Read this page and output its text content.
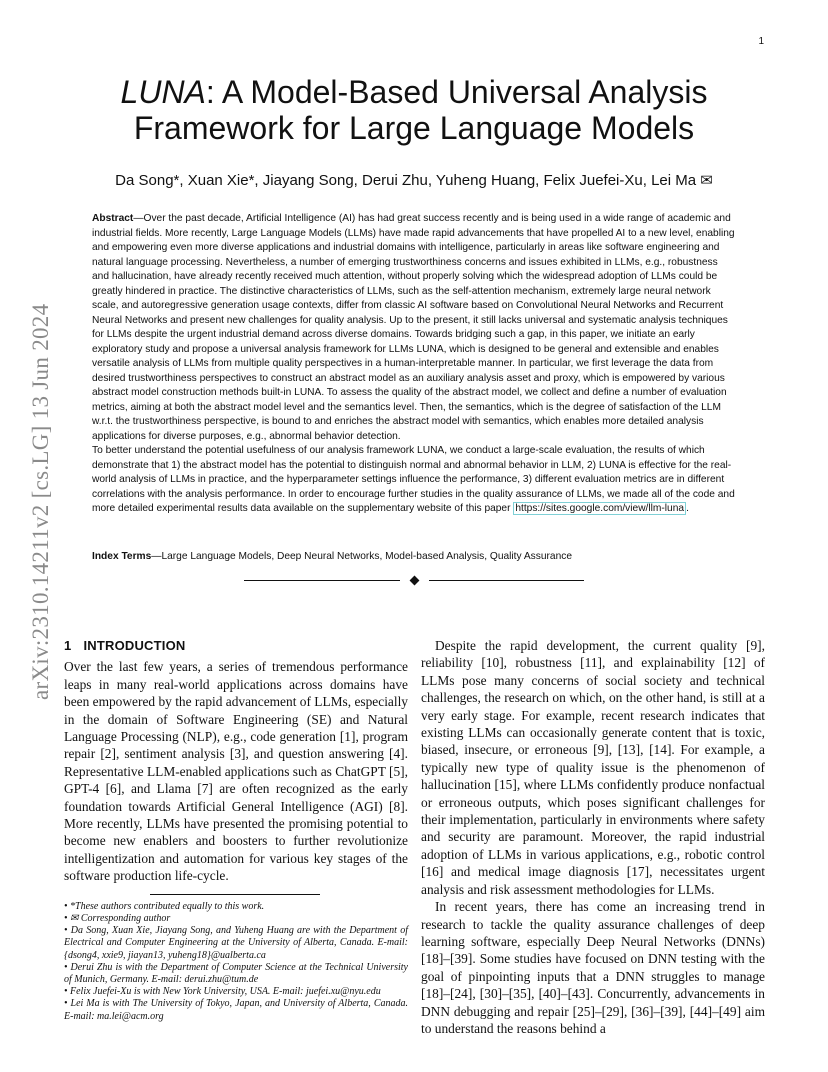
1
arXiv:2310.14211v2 [cs.LG] 13 Jun 2024
LUNA: A Model-Based Universal Analysis
Framework for Large Language Models
Da Song*, Xuan Xie*, Jiayang Song, Derui Zhu, Yuheng Huang, Felix Juefei-Xu, Lei Ma ✉

Abstract—Over the past decade, Artificial Intelligence (AI) has had great success recently and is being used in a wide range of academic and industrial fields. More recently, Large Language Models (LLMs) have made rapid advancements that have propelled AI to a new level, enabling and empowering even more diverse applications and industrial domains with intelligence, particularly in areas like software engineering and natural language processing. Nevertheless, a number of emerging trustworthiness concerns and issues exhibited in LLMs, e.g., robustness and hallucination, have already recently received much attention, without properly solving which the widespread adoption of LLMs could be greatly hindered in practice. The distinctive characteristics of LLMs, such as the self-attention mechanism, extremely large neural network scale, and autoregressive generation usage contexts, differ from classic AI software based on Convolutional Neural Networks and Recurrent Neural Networks and present new challenges for quality analysis. Up to the present, it still lacks universal and systematic analysis techniques for LLMs despite the urgent industrial demand across diverse domains. Towards bridging such a gap, in this paper, we initiate an early exploratory study and propose a universal analysis framework for LLMs LUNA, which is designed to be general and extensible and enables versatile analysis of LLMs from multiple quality perspectives in a human-interpretable manner. In particular, we first leverage the data from desired trustworthiness perspectives to construct an abstract model as an auxiliary analysis asset and proxy, which is empowered by various abstract model construction methods built-in LUNA. To assess the quality of the abstract model, we collect and define a number of evaluation metrics, aiming at both the abstract model level and the semantics level. Then, the semantics, which is the degree of satisfaction of the LLM w.r.t. the trustworthiness perspective, is bound to and enriches the abstract model with semantics, which enables more detailed analysis applications for diverse purposes, e.g., abnormal behavior detection.

To better understand the potential usefulness of our analysis framework LUNA, we conduct a large-scale evaluation, the results of which demonstrate that 1) the abstract model has the potential to distinguish normal and abnormal behavior in LLM, 2) LUNA is effective for the real-world analysis of LLMs in practice, and the hyperparameter settings influence the performance, 3) different evaluation metrics are in different correlations with the analysis performance. In order to encourage further studies in the quality assurance of LLMs, we made all of the code and more detailed experimental results data available on the supplementary website of this paper https://sites.google.com/view/llm-luna .

Index Terms—Large Language Models, Deep Neural Networks, Model-based Analysis, Quality Assurance
1 INTRODUCTION

Over the last few years, a series of tremendous performance leaps in many real-world applications across domains have been empowered by the rapid advancement of LLMs, especially in the domain of Software Engineering (SE) and Natural Language Processing (NLP), e.g., code generation [1], program repair [2], sentiment analysis [3], and question answering [4]. Representative LLM-enabled applications such as ChatGPT [5], GPT-4 [6], and Llama [7] are often recognized as the early foundation towards Artificial General Intelligence (AGI) [8]. More recently, LLMs have presented the promising potential to become new enablers and boosters to further revolutionize intelligentization and automation for various key stages of the software production life-cycle.

• *These authors contributed equally to this work.

• ✉ Corresponding author

• Da Song, Xuan Xie, Jiayang Song, and Yuheng Huang are with the Department of Electrical and Computer Engineering at the University of Alberta, Canada. E-mail: {dsong4, xxie9, jiayan13, yuheng18}@ualberta.ca

• Derui Zhu is with the Department of Computer Science at the Technical University of Munich, Germany. E-mail: derui.zhu@tum.de

• Felix Juefei-Xu is with New York University, USA. E-mail: juefei.xu@nyu.edu

• Lei Ma is with The University of Tokyo, Japan, and University of Alberta, Canada. E-mail: ma.lei@acm.org

Despite the rapid development, the current quality [9], reliability [10], robustness [11], and explainability [12] of LLMs pose many concerns of social society and technical challenges, the research on which, on the other hand, is still at a very early stage. For example, recent research indicates that existing LLMs can occasionally generate content that is toxic, biased, insecure, or erroneous [9], [13], [14]. For example, a typically new type of quality issue is the phenomenon of hallucination [15], where LLMs confidently produce nonfactual or erroneous outputs, which poses significant challenges for their implementation, particularly in environments where safety and security are paramount. Moreover, the rapid industrial adoption of LLMs in various applications, e.g., robotic control [16] and medical image diagnosis [17], necessitates urgent analysis and risk assessment methodologies for LLMs.

In recent years, there has come an increasing trend in research to tackle the quality assurance challenges of deep learning software, especially Deep Neural Networks (DNNs) [18]–[39]. Some studies have focused on DNN testing with the goal of pinpointing inputs that a DNN struggles to manage [18]–[24], [30]–[35], [40]–[43]. Concurrently, advancements in DNN debugging and repair [25]–[29], [36]–[39], [44]–[49] aim to understand the reasons behind a
